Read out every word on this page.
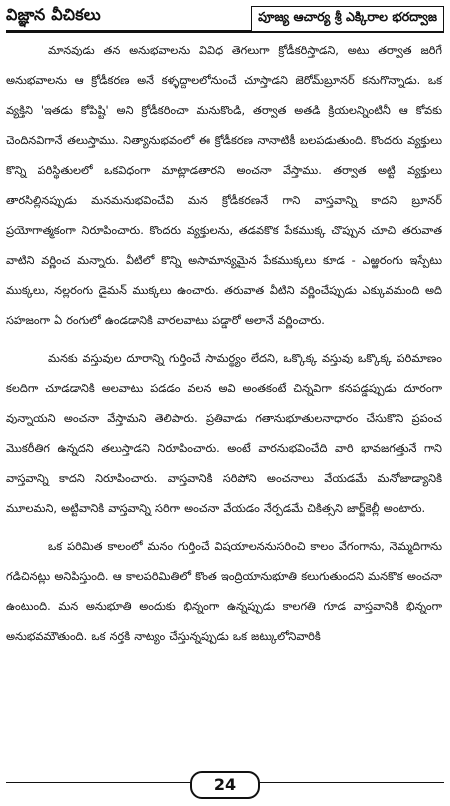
విజ్ఞాన వీచికలు	పూజ్య ఆచార్య శ్రీ ఎక్కిరాల భరద్వాజ

మానవుడు తన అనుభవాలను వివిధ తెగలుగా క్రోడీకరిస్తాడని, అటు తర్వాత జరిగే అనుభవాలను ఆ క్రోడీకరణ అనే కళ్ళద్దాలలోనుంచే చూస్తాడని జెరోమ్‌బ్రూనర్ కనుగొన్నాడు. ఒక వ్యక్తిని 'ఇతడు కోపిష్టి' అని క్రోడీకరించా మనుకొండి, తర్వాత అతడి క్రియలన్నింటినీ ఆ కోవకు చెందినవిగానే తలుస్తాము. నిత్యానుభవంలో ఈ క్రోడీకరణ నానాటికీ బలపడుతుంది. కొందరు వ్యక్తులు కొన్ని పరిస్థితులలో ఒకవిధంగా మాట్లాడతారని అంచనా వేస్తాము. తర్వాత అట్టి వ్యక్తులు తారసిల్లినప్పుడు మనమనుభవించేవి మన క్రోడీకరణనే గాని వాస్తవాన్ని కాదని బ్రూనర్ ప్రయోగాత్మకంగా నిరూపించారు. కొందరు వ్యక్తులను, తడవకొక పేకముక్క చొప్పున చూచి తరువాత వాటిని వర్ణించ మన్నారు. వీటిలో కొన్ని అసామాన్యమైన పేకముక్కలు కూడ - ఎఱ్ఱరంగు ఇస్పేటు ముక్కలు, నల్లరంగు డైమన్ ముక్కలు ఉంచారు. తరువాత వీటిని వర్ణించేప్పుడు ఎక్కువమంది అది సహజంగా ఏ రంగులో ఉండడానికి వారలవాటు పడ్డారో అలానే వర్ణించారు.

మనకు వస్తువుల దూరాన్ని గుర్తించే సామర్థ్యం లేదని, ఒక్కొక్క వస్తువు ఒక్కొక్క పరిమాణం కలదిగా చూడడానికి అలవాటు పడడం వలన అవి అంతకంటే చిన్నవిగా కనపడ్డప్పుడు దూరంగా వున్నాయని అంచనా వేస్తామని తెలిపారు. ప్రతివాడు గతానుభూతులనాధారం చేసుకొని ప్రపంచ మొకరీతిగ ఉన్నదని తలుస్తాడని నిరూపించారు. అంటే వారనుభవించేది వారి భావజగత్తునే గాని వాస్తవాన్ని కాదని నిరూపించారు. వాస్తవానికి సరిపోని అంచనాలు వేయడమే మనోజాడ్యానికి మూలమని, అట్టివానికి వాస్తవాన్ని సరిగా అంచనా వేయడం నేర్పడమే చికిత్సని జార్జ్‌కెల్లీ అంటారు.

ఒక పరిమిత కాలంలో మనం గుర్తించే విషయాలననుసరించి కాలం వేగంగాను, నెమ్మదిగాను గడిచినట్లు అనిపిస్తుంది. ఆ కాలపరిమితిలో కొంత ఇంద్రియానుభూతి కలుగుతుందని మనకొక అంచనా ఉంటుంది. మన అనుభూతి అందుకు భిన్నంగా ఉన్నప్పుడు కాలగతి గూడ వాస్తవానికి భిన్నంగా అనుభవమౌతుంది. ఒక నర్తకి నాట్యం చేస్తున్నప్పుడు ఒక జట్కులోనివారికి

24
